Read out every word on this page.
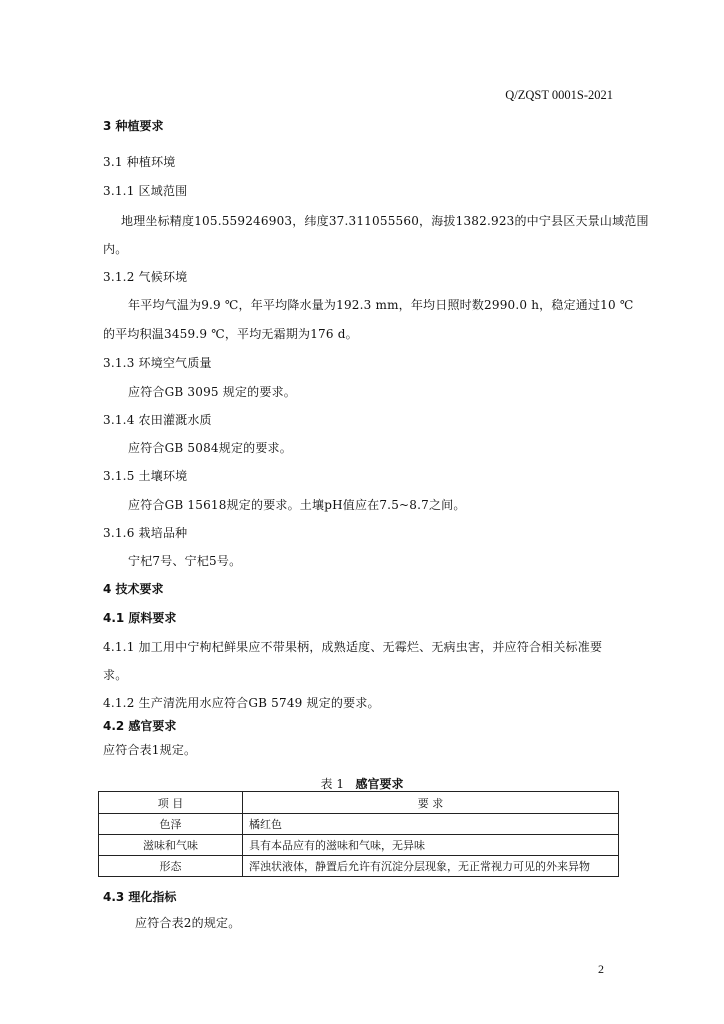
Q/ZQST 0001S-2021
3 种植要求
3.1 种植环境
3.1.1 区域范围
地理坐标精度105.559246903，纬度37.311055560，海拔1382.923的中宁县区天景山域范围
内。
3.1.2 气候环境
年平均气温为9.9 ℃，年平均降水量为192.3 mm，年均日照时数2990.0 h，稳定通过10 ℃
的平均积温3459.9 ℃，平均无霜期为176 d。
3.1.3 环境空气质量
应符合GB 3095 规定的要求。
3.1.4 农田灌溉水质
应符合GB 5084规定的要求。
3.1.5 土壤环境
应符合GB 15618规定的要求。土壤pH值应在7.5~8.7之间。
3.1.6 栽培品种
宁杞7号、宁杞5号。
4 技术要求
4.1 原料要求
4.1.1 加工用中宁枸杞鲜果应不带果柄，成熟适度、无霉烂、无病虫害，并应符合相关标准要
求。
4.1.2 生产清洗用水应符合GB 5749 规定的要求。
4.2 感官要求
应符合表1规定。
表 1 感官要求
项 目	要 求
色泽	橘红色
滋味和气味	具有本品应有的滋味和气味，无异味
形态	浑浊状液体，静置后允许有沉淀分层现象，无正常视力可见的外来异物
4.3 理化指标
应符合表2的规定。
2
